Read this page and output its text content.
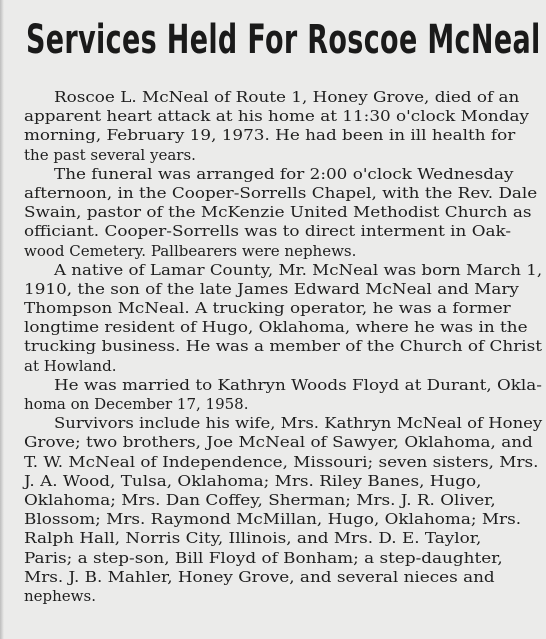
Services Held For Roscoe McNeal
Roscoe L. McNeal of Route 1, Honey Grove, died of an
apparent heart attack at his home at 11:30 o'clock Monday
morning, February 19, 1973. He had been in ill health for
the past several years.
The funeral was arranged for 2:00 o'clock Wednesday
afternoon, in the Cooper-Sorrells Chapel, with the Rev. Dale
Swain, pastor of the McKenzie United Methodist Church as
officiant. Cooper-Sorrells was to direct interment in Oak-
wood Cemetery. Pallbearers were nephews.
A native of Lamar County, Mr. McNeal was born March 1,
1910, the son of the late James Edward McNeal and Mary
Thompson McNeal. A trucking operator, he was a former
longtime resident of Hugo, Oklahoma, where he was in the
trucking business. He was a member of the Church of Christ
at Howland.
He was married to Kathryn Woods Floyd at Durant, Okla-
homa on December 17, 1958.
Survivors include his wife, Mrs. Kathryn McNeal of Honey
Grove; two brothers, Joe McNeal of Sawyer, Oklahoma, and
T. W. McNeal of Independence, Missouri; seven sisters, Mrs.
J. A. Wood, Tulsa, Oklahoma; Mrs. Riley Banes, Hugo,
Oklahoma; Mrs. Dan Coffey, Sherman; Mrs. J. R. Oliver,
Blossom; Mrs. Raymond McMillan, Hugo, Oklahoma; Mrs.
Ralph Hall, Norris City, Illinois, and Mrs. D. E. Taylor,
Paris; a step-son, Bill Floyd of Bonham; a step-daughter,
Mrs. J. B. Mahler, Honey Grove, and several nieces and
nephews.
